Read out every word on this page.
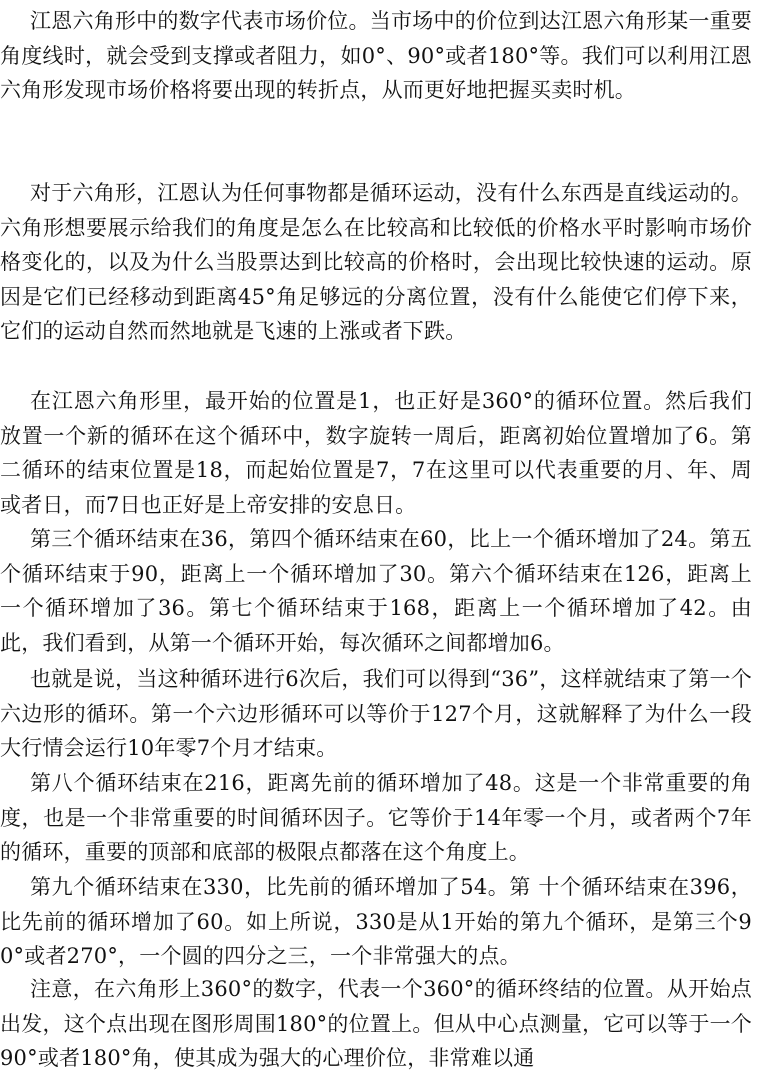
江恩六角形中的数字代表市场价位。当市场中的价位到达江恩六角形某一重要角度线时，就会受到支撑或者阻力，如0°、90°或者180°等。我们可以利用江恩六角形发现市场价格将要出现的转折点，从而更好地把握买卖时机。

对于六角形，江恩认为任何事物都是循环运动，没有什么东西是直线运动的。六角形想要展示给我们的角度是怎么在比较高和比较低的价格水平时影响市场价格变化的，以及为什么当股票达到比较高的价格时，会出现比较快速的运动。原因是它们已经移动到距离45°角足够远的分离位置，没有什么能使它们停下来，它们的运动自然而然地就是飞速的上涨或者下跌。

在江恩六角形里，最开始的位置是1，也正好是360°的循环位置。然后我们放置一个新的循环在这个循环中，数字旋转一周后，距离初始位置增加了6。第二循环的结束位置是18，而起始位置是7，7在这里可以代表重要的月、年、周或者日，而7日也正好是上帝安排的安息日。

第三个循环结束在36，第四个循环结束在60，比上一个循环增加了24。第五个循环结束于90，距离上一个循环增加了30。第六个循环结束在126，距离上一个循环增加了36。第七个循环结束于168，距离上一个循环增加了42。由此，我们看到，从第一个循环开始，每次循环之间都增加6。

也就是说，当这种循环进行6次后，我们可以得到“36”，这样就结束了第一个六边形的循环。第一个六边形循环可以等价于127个月，这就解释了为什么一段大行情会运行10年零7个月才结束。

第八个循环结束在216，距离先前的循环增加了48。这是一个非常重要的角度，也是一个非常重要的时间循环因子。它等价于14年零一个月，或者两个7年的循环，重要的顶部和底部的极限点都落在这个角度上。

第九个循环结束在330，比先前的循环增加了54。第 十个循环结束在396，比先前的循环增加了60。如上所说，330是从1开始的第九个循环，是第三个90°或者270°，一个圆的四分之三，一个非常强大的点。

注意，在六角形上360°的数字，代表一个360°的循环终结的位置。从开始点出发，这个点出现在图形周围180°的位置上。但从中心点测量，它可以等于一个90°或者180°角，使其成为强大的心理价位，非常难以通
